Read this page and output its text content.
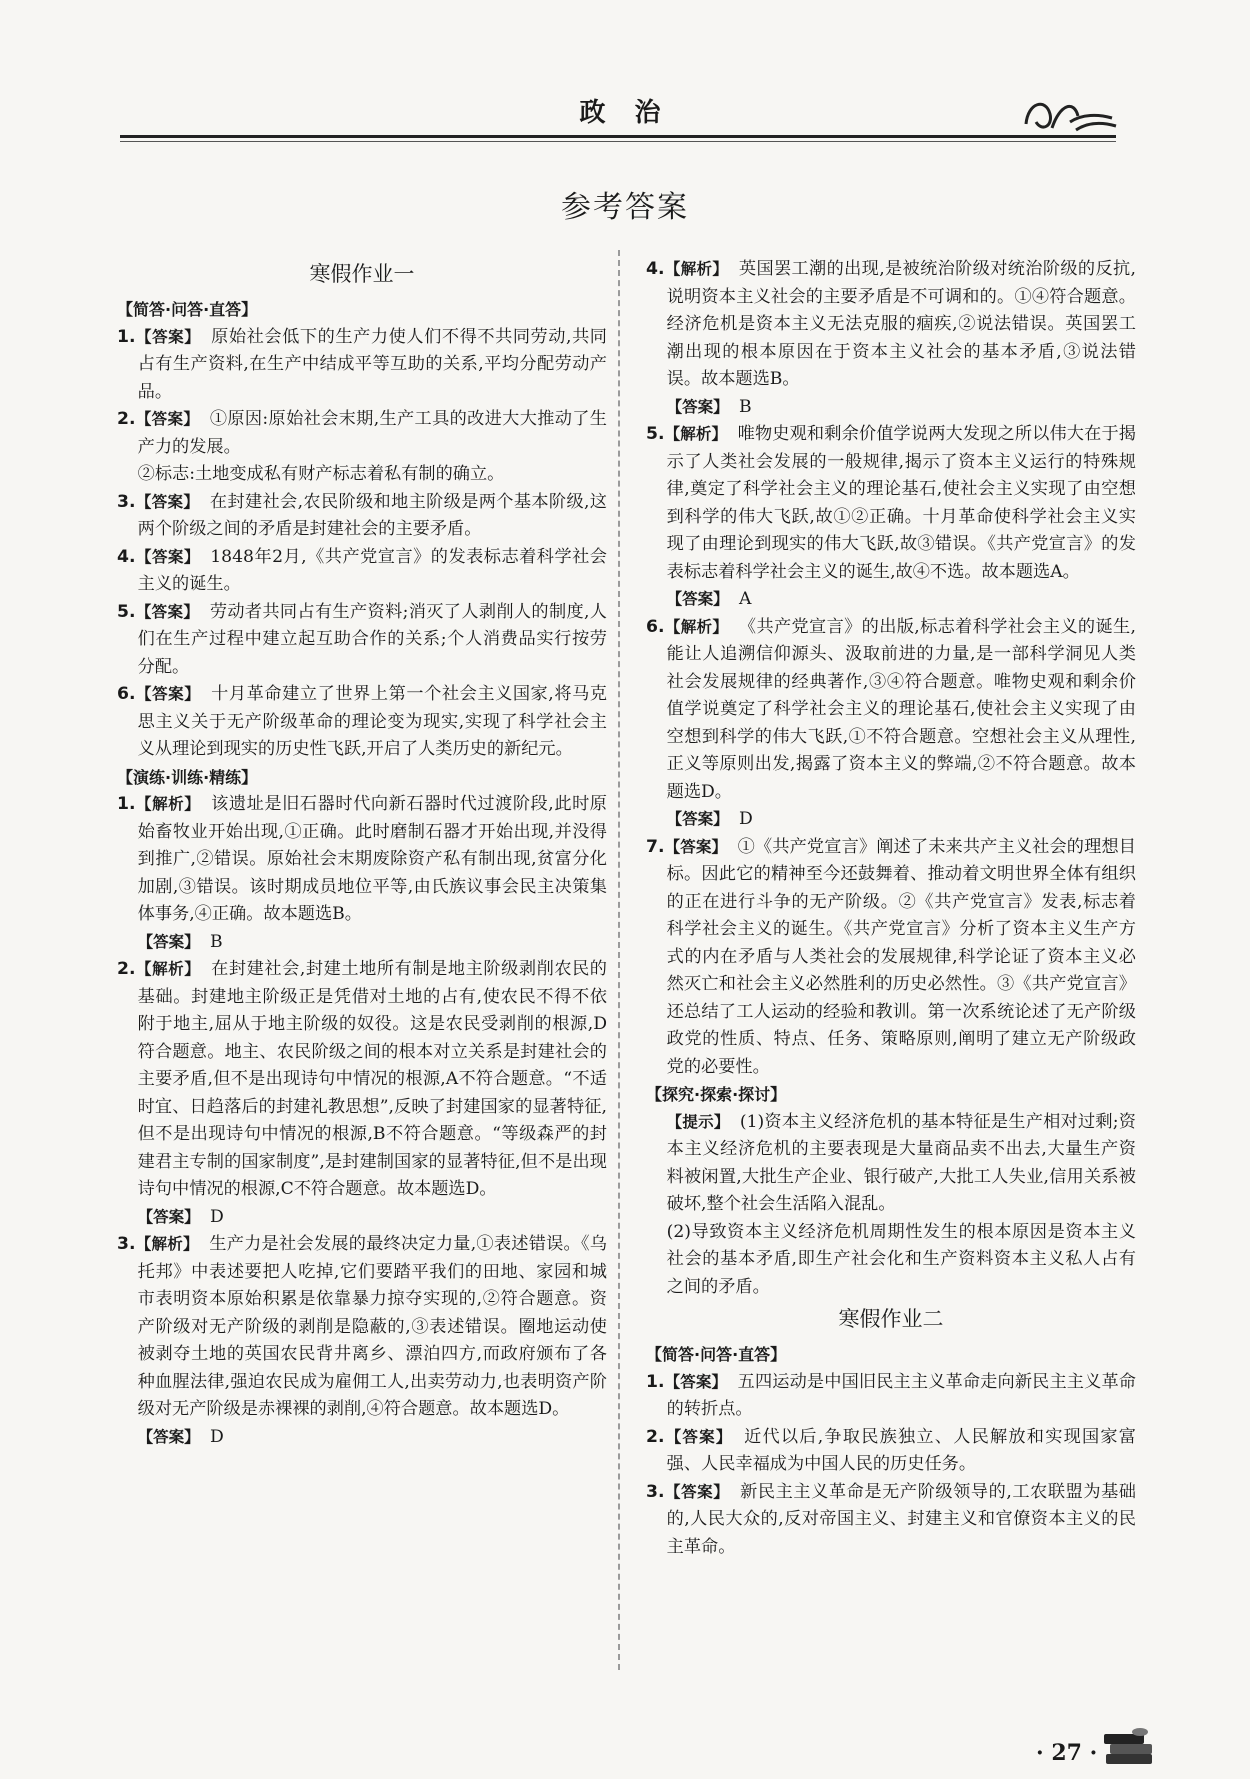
政 治
参考答案
寒假作业一

【简答·问答·直答】

1.【答案】 原始社会低下的生产力使人们不得不共同劳动,共同占有生产资料,在生产中结成平等互助的关系,平均分配劳动产品。

2.【答案】 ①原因:原始社会末期,生产工具的改进大大推动了生产力的发展。

②标志:土地变成私有财产标志着私有制的确立。

3.【答案】 在封建社会,农民阶级和地主阶级是两个基本阶级,这两个阶级之间的矛盾是封建社会的主要矛盾。

4.【答案】 1848年2月,《共产党宣言》的发表标志着科学社会主义的诞生。

5.【答案】 劳动者共同占有生产资料;消灭了人剥削人的制度,人们在生产过程中建立起互助合作的关系;个人消费品实行按劳分配。

6.【答案】 十月革命建立了世界上第一个社会主义国家,将马克思主义关于无产阶级革命的理论变为现实,实现了科学社会主义从理论到现实的历史性飞跃,开启了人类历史的新纪元。

【演练·训练·精练】

1.【解析】 该遗址是旧石器时代向新石器时代过渡阶段,此时原始畜牧业开始出现,①正确。此时磨制石器才开始出现,并没得到推广,②错误。原始社会末期废除资产私有制出现,贫富分化加剧,③错误。该时期成员地位平等,由氏族议事会民主决策集体事务,④正确。故本题选B。

【答案】 B

2.【解析】 在封建社会,封建土地所有制是地主阶级剥削农民的基础。封建地主阶级正是凭借对土地的占有,使农民不得不依附于地主,屈从于地主阶级的奴役。这是农民受剥削的根源,D符合题意。地主、农民阶级之间的根本对立关系是封建社会的主要矛盾,但不是出现诗句中情况的根源,A不符合题意。“不适时宜、日趋落后的封建礼教思想”,反映了封建国家的显著特征,但不是出现诗句中情况的根源,B不符合题意。“等级森严的封建君主专制的国家制度”,是封建制国家的显著特征,但不是出现诗句中情况的根源,C不符合题意。故本题选D。

【答案】 D

3.【解析】 生产力是社会发展的最终决定力量,①表述错误。《乌托邦》中表述要把人吃掉,它们要踏平我们的田地、家园和城市表明资本原始积累是依靠暴力掠夺实现的,②符合题意。资产阶级对无产阶级的剥削是隐蔽的,③表述错误。圈地运动使被剥夺土地的英国农民背井离乡、漂泊四方,而政府颁布了各种血腥法律,强迫农民成为雇佣工人,出卖劳动力,也表明资产阶级对无产阶级是赤裸裸的剥削,④符合题意。故本题选D。

【答案】 D

4.【解析】 英国罢工潮的出现,是被统治阶级对统治阶级的反抗,说明资本主义社会的主要矛盾是不可调和的。①④符合题意。经济危机是资本主义无法克服的痼疾,②说法错误。英国罢工潮出现的根本原因在于资本主义社会的基本矛盾,③说法错误。故本题选B。

【答案】 B

5.【解析】 唯物史观和剩余价值学说两大发现之所以伟大在于揭示了人类社会发展的一般规律,揭示了资本主义运行的特殊规律,奠定了科学社会主义的理论基石,使社会主义实现了由空想到科学的伟大飞跃,故①②正确。十月革命使科学社会主义实现了由理论到现实的伟大飞跃,故③错误。《共产党宣言》的发表标志着科学社会主义的诞生,故④不选。故本题选A。

【答案】 A

6.【解析】 《共产党宣言》的出版,标志着科学社会主义的诞生,能让人追溯信仰源头、汲取前进的力量,是一部科学洞见人类社会发展规律的经典著作,③④符合题意。唯物史观和剩余价值学说奠定了科学社会主义的理论基石,使社会主义实现了由空想到科学的伟大飞跃,①不符合题意。空想社会主义从理性,正义等原则出发,揭露了资本主义的弊端,②不符合题意。故本题选D。

【答案】 D

7.【答案】 ①《共产党宣言》阐述了未来共产主义社会的理想目标。因此它的精神至今还鼓舞着、推动着文明世界全体有组织的正在进行斗争的无产阶级。②《共产党宣言》发表,标志着科学社会主义的诞生。《共产党宣言》分析了资本主义生产方式的内在矛盾与人类社会的发展规律,科学论证了资本主义必然灭亡和社会主义必然胜利的历史必然性。③《共产党宣言》还总结了工人运动的经验和教训。第一次系统论述了无产阶级政党的性质、特点、任务、策略原则,阐明了建立无产阶级政党的必要性。

【探究·探索·探讨】

【提示】 (1)资本主义经济危机的基本特征是生产相对过剩;资本主义经济危机的主要表现是大量商品卖不出去,大量生产资料被闲置,大批生产企业、银行破产,大批工人失业,信用关系被破坏,整个社会生活陷入混乱。

(2)导致资本主义经济危机周期性发生的根本原因是资本主义社会的基本矛盾,即生产社会化和生产资料资本主义私人占有之间的矛盾。

寒假作业二

【简答·问答·直答】

1.【答案】 五四运动是中国旧民主主义革命走向新民主主义革命的转折点。

2.【答案】 近代以后,争取民族独立、人民解放和实现国家富强、人民幸福成为中国人民的历史任务。

3.【答案】 新民主主义革命是无产阶级领导的,工农联盟为基础的,人民大众的,反对帝国主义、封建主义和官僚资本主义的民主革命。

· 27 ·
